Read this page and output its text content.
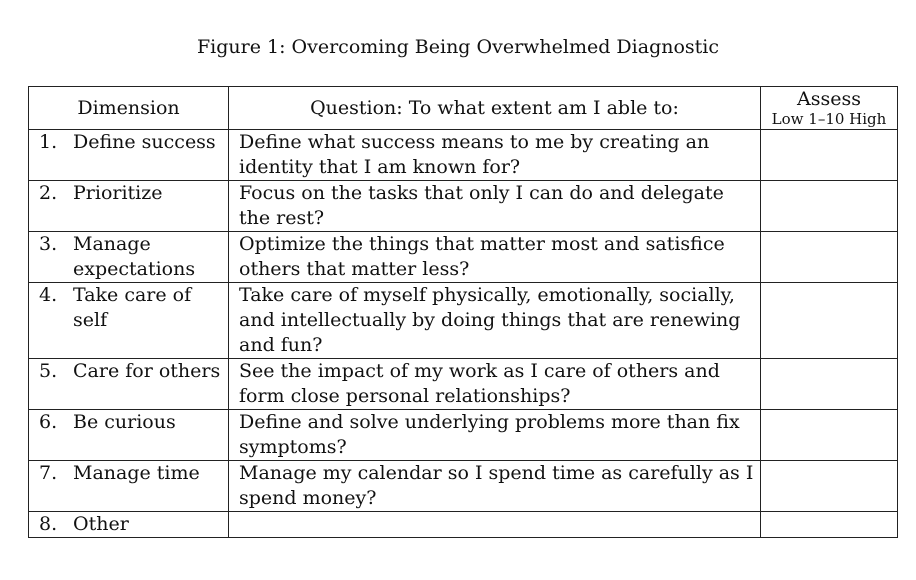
Figure 1: Overcoming Being Overwhelmed Diagnostic
Dimension	Question: To what extent am I able to:	Assess
Low 1–10 High

1. Define success	Define what success means to me by creating an identity that I am known for?	

2. Prioritize	Focus on the tasks that only I can do and delegate the rest?	

3. Manage expectations	Optimize the things that matter most and satisfice others that matter less?	

4. Take care of self	Take care of myself physically, emotionally, socially, and intellectually by doing things that are renewing and fun?	

5. Care for others	See the impact of my work as I care of others and form close personal relationships?	

6. Be curious	Define and solve underlying problems more than fix symptoms?	

7. Manage time	Manage my calendar so I spend time as carefully as I spend money?	

8. Other		
